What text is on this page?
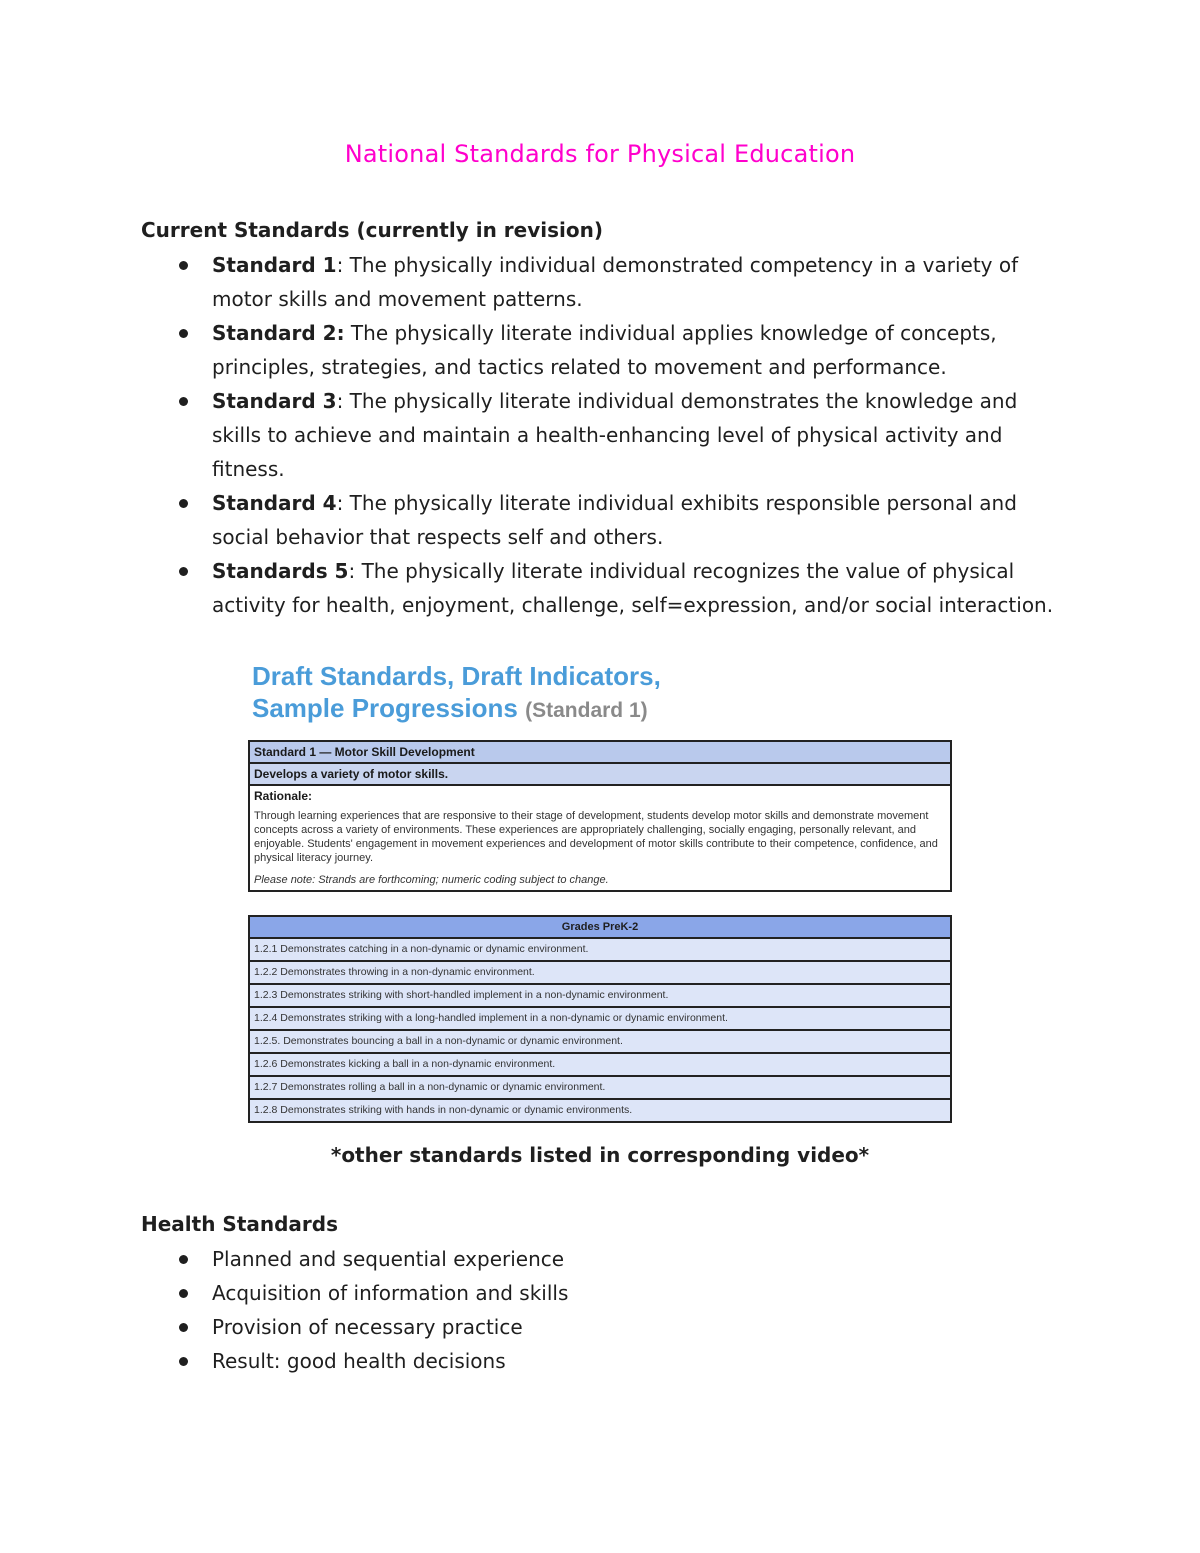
National Standards for Physical Education
Current Standards (currently in revision)
Standard 1: The physically individual demonstrated competency in a variety of motor skills and movement patterns.
Standard 2: The physically literate individual applies knowledge of concepts, principles, strategies, and tactics related to movement and performance.
Standard 3: The physically literate individual demonstrates the knowledge and skills to achieve and maintain a health-enhancing level of physical activity and fitness.
Standard 4: The physically literate individual exhibits responsible personal and social behavior that respects self and others.
Standards 5: The physically literate individual recognizes the value of physical activity for health, enjoyment, challenge, self=expression, and/or social interaction.
Draft Standards, Draft Indicators,
Sample Progressions (Standard 1)
Standard 1 — Motor Skill Development
Develops a variety of motor skills.
Rationale:

Through learning experiences that are responsive to their stage of development, students develop motor skills and demonstrate movement concepts across a variety of environments. These experiences are appropriately challenging, socially engaging, personally relevant, and enjoyable. Students' engagement in movement experiences and development of motor skills contribute to their competence, confidence, and physical literacy journey.

Please note: Strands are forthcoming; numeric coding subject to change.
Grades PreK-2
1.2.1 Demonstrates catching in a non-dynamic or dynamic environment.
1.2.2 Demonstrates throwing in a non-dynamic environment.
1.2.3 Demonstrates striking with short-handled implement in a non-dynamic environment.
1.2.4 Demonstrates striking with a long-handled implement in a non-dynamic or dynamic environment.
1.2.5. Demonstrates bouncing a ball in a non-dynamic or dynamic environment.
1.2.6 Demonstrates kicking a ball in a non-dynamic environment.
1.2.7 Demonstrates rolling a ball in a non-dynamic or dynamic environment.
1.2.8 Demonstrates striking with hands in non-dynamic or dynamic environments.

*other standards listed in corresponding video*

Health Standards
Planned and sequential experience
Acquisition of information and skills
Provision of necessary practice
Result: good health decisions
